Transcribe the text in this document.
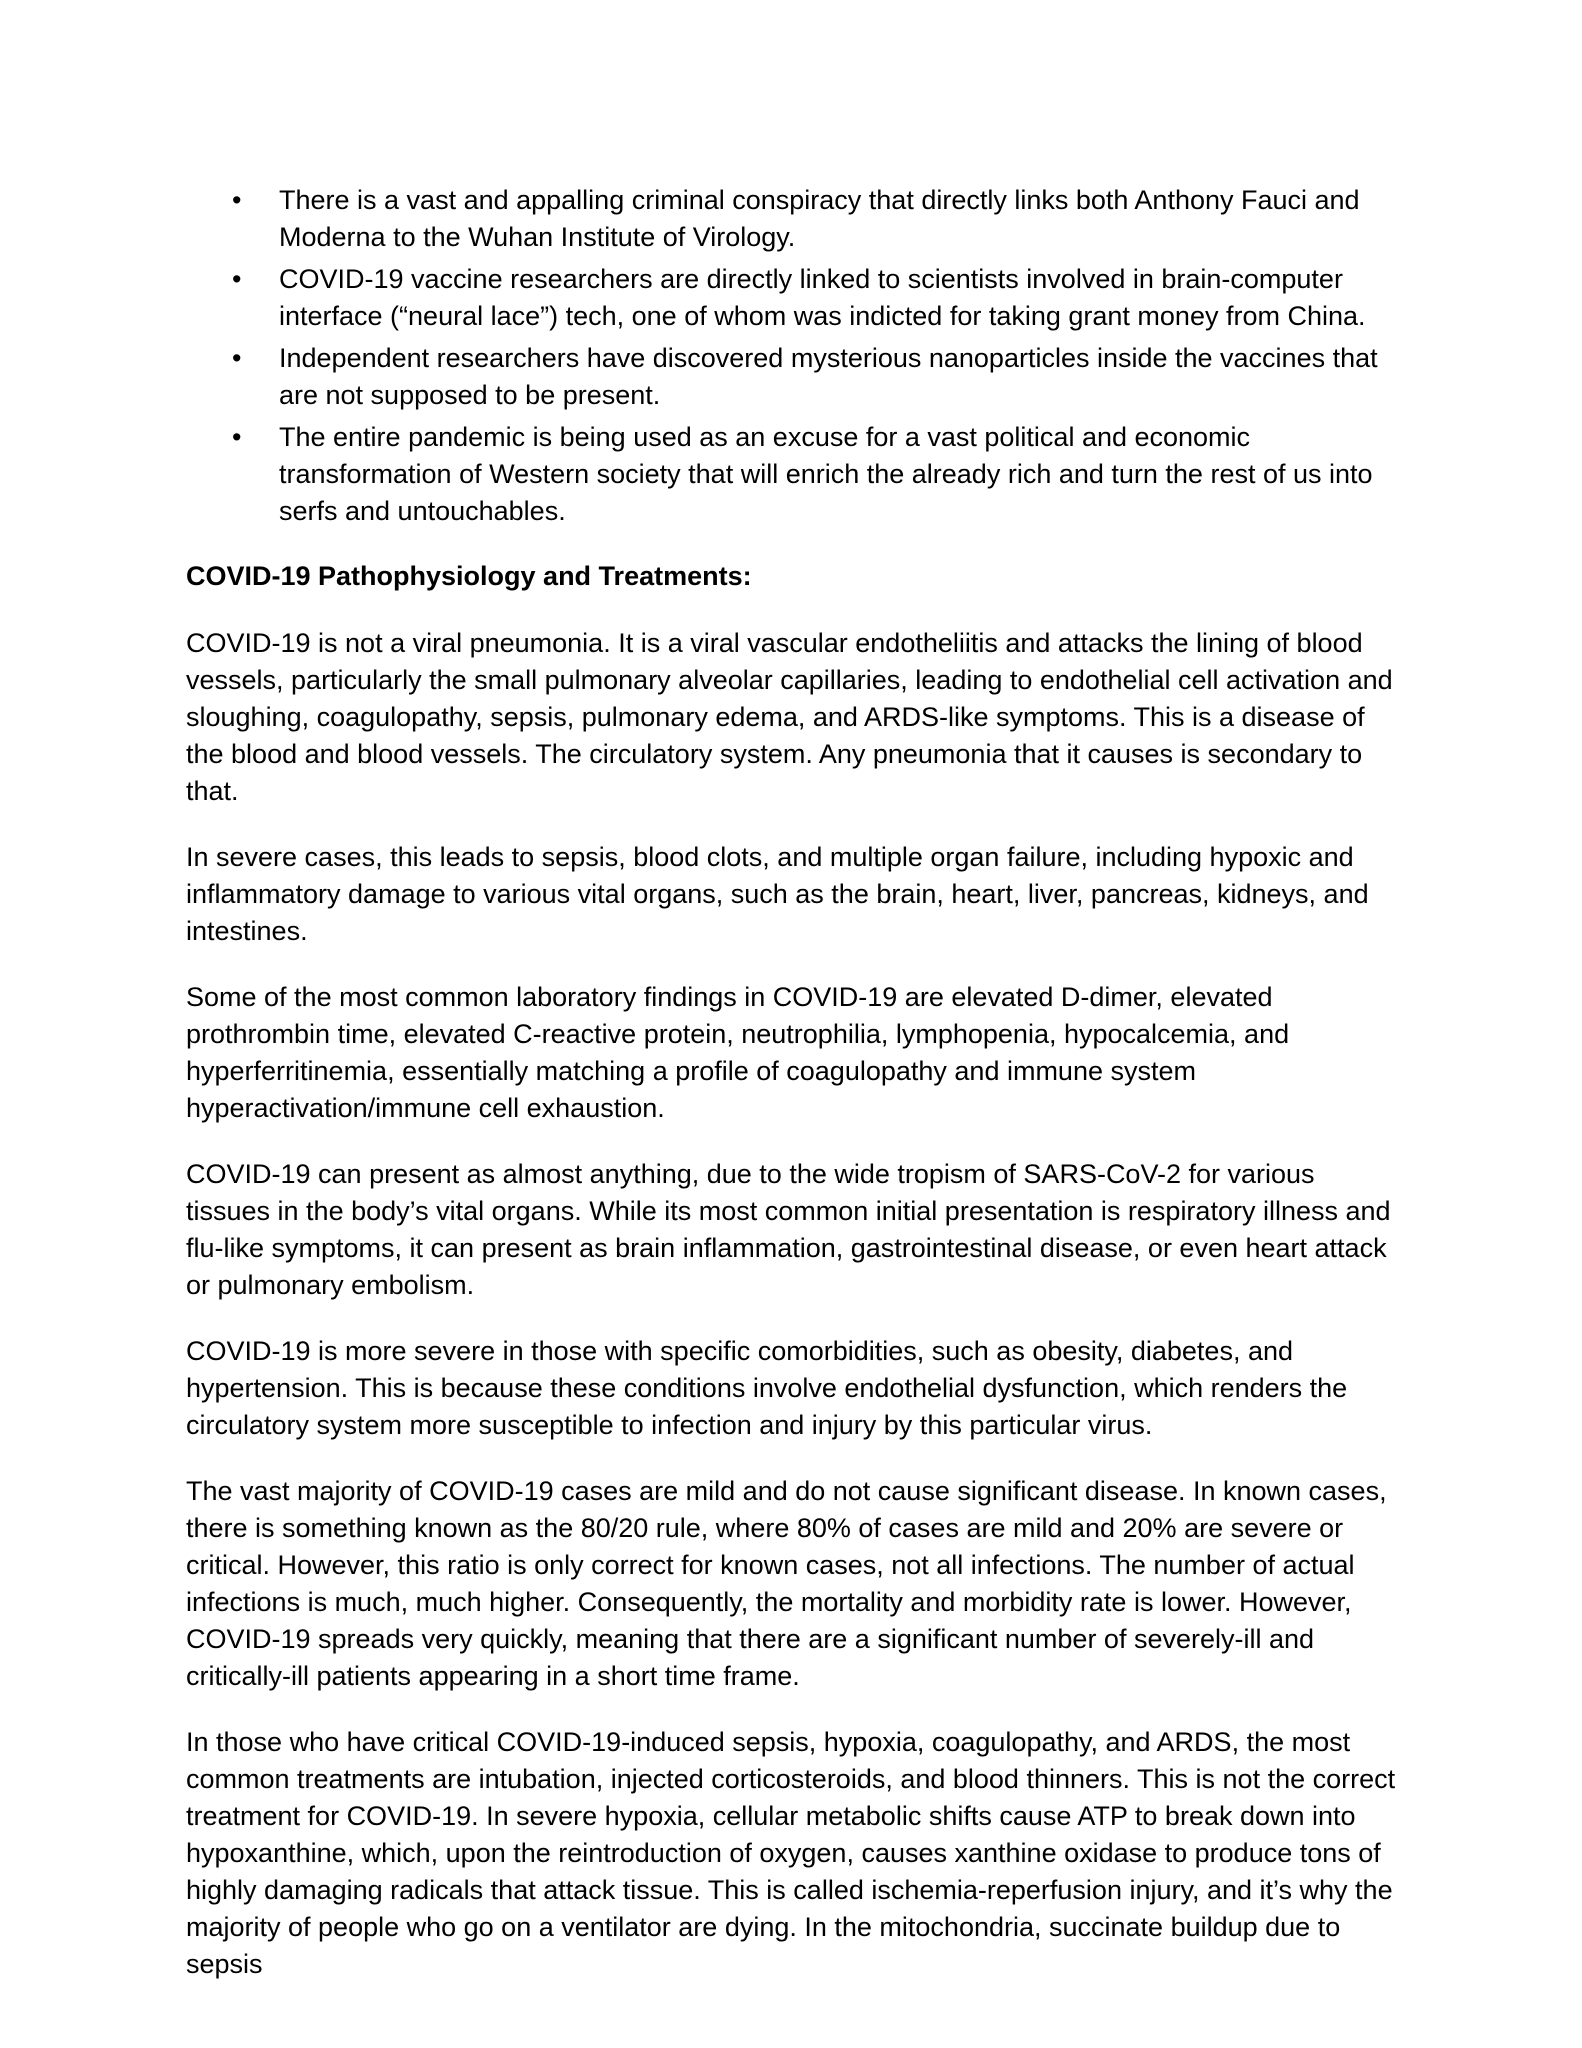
• There is a vast and appalling criminal conspiracy that directly links both Anthony Fauci and Moderna to the Wuhan Institute of Virology.
• COVID-19 vaccine researchers are directly linked to scientists involved in brain-computer interface (“neural lace”) tech, one of whom was indicted for taking grant money from China.
• Independent researchers have discovered mysterious nanoparticles inside the vaccines that are not supposed to be present.
• The entire pandemic is being used as an excuse for a vast political and economic transformation of Western society that will enrich the already rich and turn the rest of us into serfs and untouchables.
COVID-19 Pathophysiology and Treatments:

COVID-19 is not a viral pneumonia. It is a viral vascular endotheliitis and attacks the lining of blood vessels, particularly the small pulmonary alveolar capillaries, leading to endothelial cell activation and sloughing, coagulopathy, sepsis, pulmonary edema, and ARDS-like symptoms. This is a disease of the blood and blood vessels. The circulatory system. Any pneumonia that it causes is secondary to that.

In severe cases, this leads to sepsis, blood clots, and multiple organ failure, including hypoxic and inflammatory damage to various vital organs, such as the brain, heart, liver, pancreas, kidneys, and intestines.

Some of the most common laboratory findings in COVID-19 are elevated D-dimer, elevated prothrombin time, elevated C-reactive protein, neutrophilia, lymphopenia, hypocalcemia, and hyperferritinemia, essentially matching a profile of coagulopathy and immune system hyperactivation/immune cell exhaustion.

COVID-19 can present as almost anything, due to the wide tropism of SARS-CoV-2 for various tissues in the body’s vital organs. While its most common initial presentation is respiratory illness and flu-like symptoms, it can present as brain inflammation, gastrointestinal disease, or even heart attack or pulmonary embolism.

COVID-19 is more severe in those with specific comorbidities, such as obesity, diabetes, and hypertension. This is because these conditions involve endothelial dysfunction, which renders the circulatory system more susceptible to infection and injury by this particular virus.

The vast majority of COVID-19 cases are mild and do not cause significant disease. In known cases, there is something known as the 80/20 rule, where 80% of cases are mild and 20% are severe or critical. However, this ratio is only correct for known cases, not all infections. The number of actual infections is much, much higher. Consequently, the mortality and morbidity rate is lower. However, COVID-19 spreads very quickly, meaning that there are a significant number of severely-ill and critically-ill patients appearing in a short time frame.

In those who have critical COVID-19-induced sepsis, hypoxia, coagulopathy, and ARDS, the most common treatments are intubation, injected corticosteroids, and blood thinners. This is not the correct treatment for COVID-19. In severe hypoxia, cellular metabolic shifts cause ATP to break down into hypoxanthine, which, upon the reintroduction of oxygen, causes xanthine oxidase to produce tons of highly damaging radicals that attack tissue. This is called ischemia-reperfusion injury, and it’s why the majority of people who go on a ventilator are dying. In the mitochondria, succinate buildup due to sepsis
